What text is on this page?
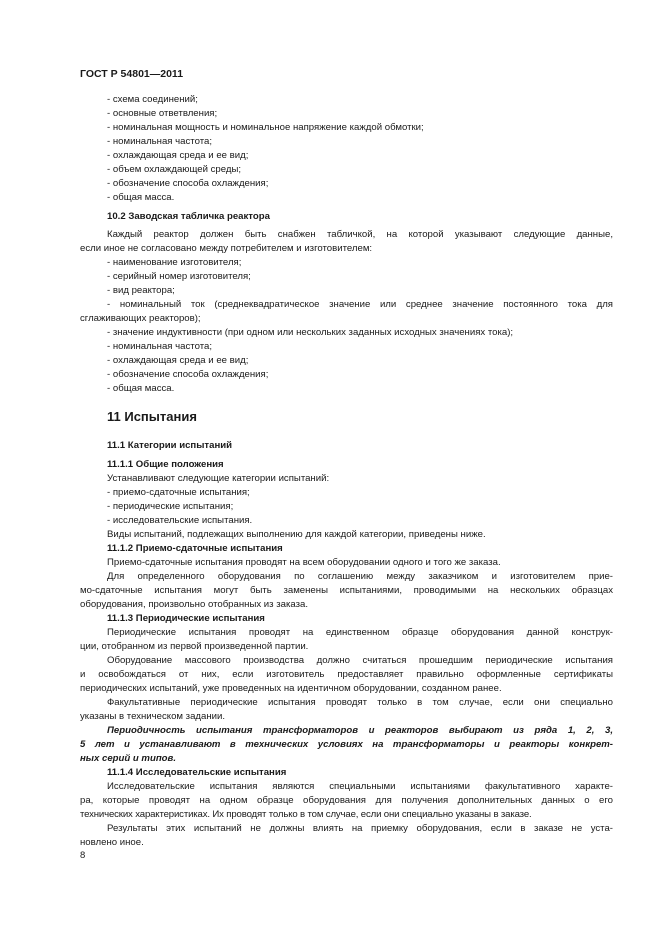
ГОСТ Р 54801—2011
- схема соединений;
- основные ответвления;
- номинальная мощность и номинальное напряжение каждой обмотки;
- номинальная частота;
- охлаждающая среда и ее вид;
- объем охлаждающей среды;
- обозначение способа охлаждения;
- общая масса.
10.2 Заводская табличка реактора
Каждый реактор должен быть снабжен табличкой, на которой указывают следующие данные,
если иное не согласовано между потребителем и изготовителем:
- наименование изготовителя;
- серийный номер изготовителя;
- вид реактора;
- номинальный ток (среднеквадратическое значение или среднее значение постоянного тока для
сглаживающих реакторов);
- значение индуктивности (при одном или нескольких заданных исходных значениях тока);
- номинальная частота;
- охлаждающая среда и ее вид;
- обозначение способа охлаждения;
- общая масса.
11 Испытания
11.1 Категории испытаний
11.1.1 Общие положения
Устанавливают следующие категории испытаний:
- приемо-сдаточные испытания;
- периодические испытания;
- исследовательские испытания.
Виды испытаний, подлежащих выполнению для каждой категории, приведены ниже.
11.1.2 Приемо-сдаточные испытания
Приемо-сдаточные испытания проводят на всем оборудовании одного и того же заказа.
Для определенного оборудования по соглашению между заказчиком и изготовителем прие-
мо-сдаточные испытания могут быть заменены испытаниями, проводимыми на нескольких образцах
оборудования, произвольно отобранных из заказа.
11.1.3 Периодические испытания
Периодические испытания проводят на единственном образце оборудования данной конструк-
ции, отобранном из первой произведенной партии.
Оборудование массового производства должно считаться прошедшим периодические испытания
и освобождаться от них, если изготовитель предоставляет правильно оформленные сертификаты
периодических испытаний, уже проведенных на идентичном оборудовании, созданном ранее.
Факультативные периодические испытания проводят только в том случае, если они специально
указаны в техническом задании.
Периодичность испытания трансформаторов и реакторов выбирают из ряда 1, 2, 3,
5 лет и устанавливают в технических условиях на трансформаторы и реакторы конкрет-
ных серий и типов.
11.1.4 Исследовательские испытания
Исследовательские испытания являются специальными испытаниями факультативного характе-
ра, которые проводят на одном образце оборудования для получения дополнительных данных о его
технических характеристиках. Их проводят только в том случае, если они специально указаны в заказе.
Результаты этих испытаний не должны влиять на приемку оборудования, если в заказе не уста-
новлено иное.
8
